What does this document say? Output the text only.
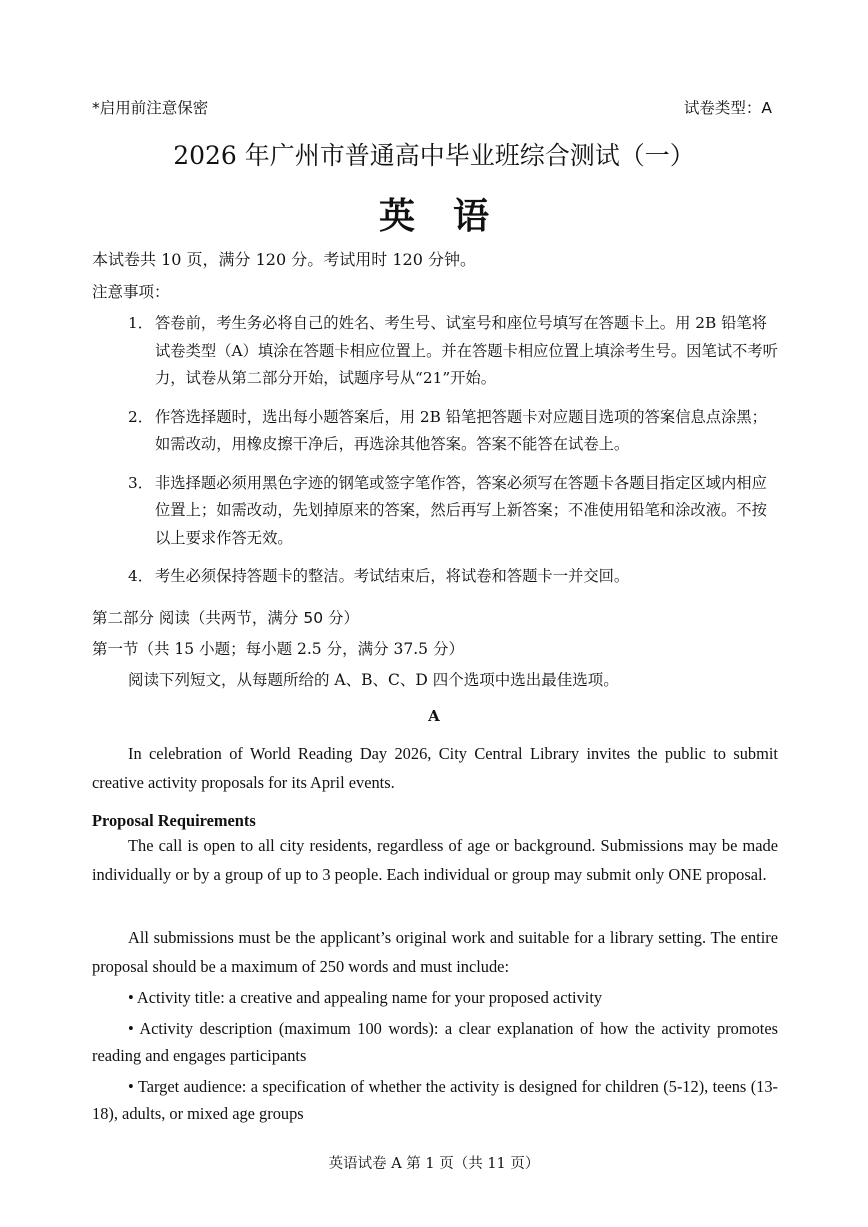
*启用前注意保密	试卷类型：A
2026 年广州市普通高中毕业班综合测试（一）
英语
本试卷共 10 页，满分 120 分。考试用时 120 分钟。
注意事项：
1． 答卷前，考生务必将自己的姓名、考生号、试室号和座位号填写在答题卡上。用 2B 铅笔将试卷类型（A）填涂在答题卡相应位置上。并在答题卡相应位置上填涂考生号。因笔试不考听力，试卷从第二部分开始，试题序号从“21”开始。
2． 作答选择题时，选出每小题答案后，用 2B 铅笔把答题卡对应题目选项的答案信息点涂黑；如需改动，用橡皮擦干净后，再选涂其他答案。答案不能答在试卷上。
3． 非选择题必须用黑色字迹的钢笔或签字笔作答，答案必须写在答题卡各题目指定区域内相应位置上；如需改动，先划掉原来的答案，然后再写上新答案；不准使用铅笔和涂改液。不按以上要求作答无效。
4． 考生必须保持答题卡的整洁。考试结束后，将试卷和答题卡一并交回。
第二部分 阅读（共两节，满分 50 分）
第一节（共 15 小题；每小题 2.5 分，满分 37.5 分）
阅读下列短文，从每题所给的 A、B、C、D 四个选项中选出最佳选项。
A

In celebration of World Reading Day 2026, City Central Library invites the public to submit creative activity proposals for its April events.

Proposal Requirements

The call is open to all city residents, regardless of age or background. Submissions may be made individually or by a group of up to 3 people. Each individual or group may submit only ONE proposal.

All submissions must be the applicant’s original work and suitable for a library setting. The entire proposal should be a maximum of 250 words and must include:

• Activity title: a creative and appealing name for your proposed activity
• Activity description (maximum 100 words): a clear explanation of how the activity promotes reading and engages participants
• Target audience: a specification of whether the activity is designed for children (5-12), teens (13-18), adults, or mixed age groups
英语试卷 A 第 1 页（共 11 页）
